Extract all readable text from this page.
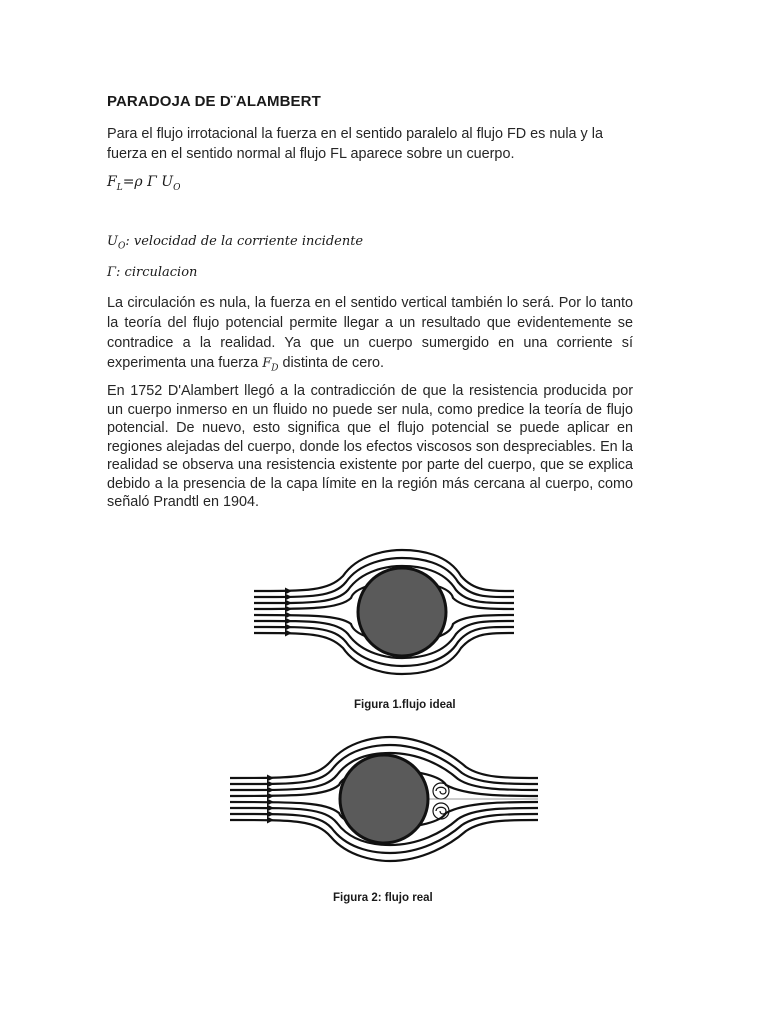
PARADOJA DE D¨ALAMBERT

Para el flujo irrotacional la fuerza en el sentido paralelo al flujo FD es nula y la fuerza en el sentido normal al flujo FL aparece sobre un cuerpo.

$F_L=\rho$ Γ $U_O$
$U_O$: velocidad de la corriente incidente
Γ: circulacion

La circulación es nula, la fuerza en el sentido vertical también lo será. Por lo tanto la teoría del flujo potencial permite llegar a un resultado que evidentemente se contradice a la realidad. Ya que un cuerpo sumergido en una corriente sí experimenta una fuerza $F_D$ distinta de cero.

En 1752 D'Alambert llegó a la contradicción de que la resistencia producida por un cuerpo inmerso en un fluido no puede ser nula, como predice la teoría de flujo potencial. De nuevo, esto significa que el flujo potencial se puede aplicar en regiones alejadas del cuerpo, donde los efectos viscosos son despreciables. En la realidad se observa una resistencia existente por parte del cuerpo, que se explica debido a la presencia de la capa límite en la región más cercana al cuerpo, como señaló Prandtl en 1904.

Figura 1.flujo ideal
Figura 2: flujo real
